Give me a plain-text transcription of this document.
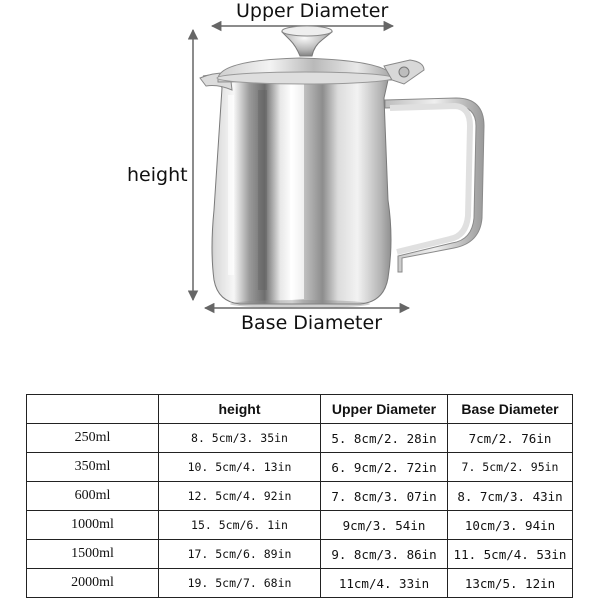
Upper Diameter
height
Base Diameter
	height	Upper Diameter	Base Diameter
250ml	8. 5cm/3. 35in	5. 8cm/2. 28in	7cm/2. 76in
350ml	10. 5cm/4. 13in	6. 9cm/2. 72in	7. 5cm/2. 95in
600ml	12. 5cm/4. 92in	7. 8cm/3. 07in	8. 7cm/3. 43in
1000ml	15. 5cm/6. 1in	9cm/3. 54in	10cm/3. 94in
1500ml	17. 5cm/6. 89in	9. 8cm/3. 86in	11. 5cm/4. 53in
2000ml	19. 5cm/7. 68in	11cm/4. 33in	13cm/5. 12in
